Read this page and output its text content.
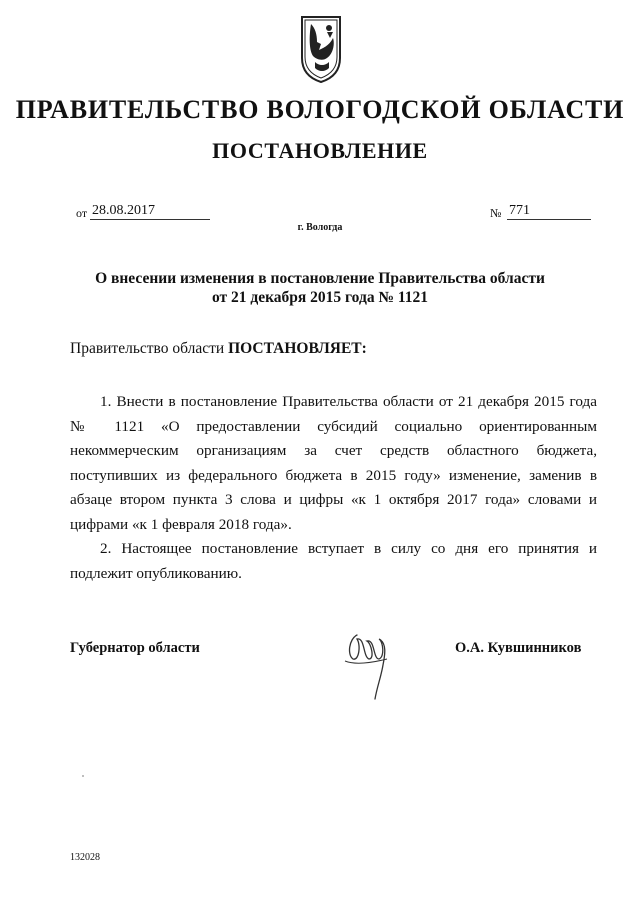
ПРАВИТЕЛЬСТВО ВОЛОГОДСКОЙ ОБЛАСТИ
ПОСТАНОВЛЕНИЕ
от 28.08.2017	№ 771
г. Вологда
О внесении изменения в постановление Правительства области
от 21 декабря 2015 года № 1121
Правительство области ПОСТАНОВЛЯЕТ:

1. Внести в постановление Правительства области от 21 декабря 2015 года № 1121 «О предоставлении субсидий социально ориентированным некоммерческим организациям за счет средств областного бюджета, поступивших из федерального бюджета в 2015 году» изменение, заменив в абзаце втором пункта 3 слова и цифры «к 1 октября 2017 года» словами и цифрами «к 1 февраля 2018 года».

2. Настоящее постановление вступает в силу со дня его принятия и подлежит опубликованию.

Губернатор области	О.А. Кувшинников
132028
